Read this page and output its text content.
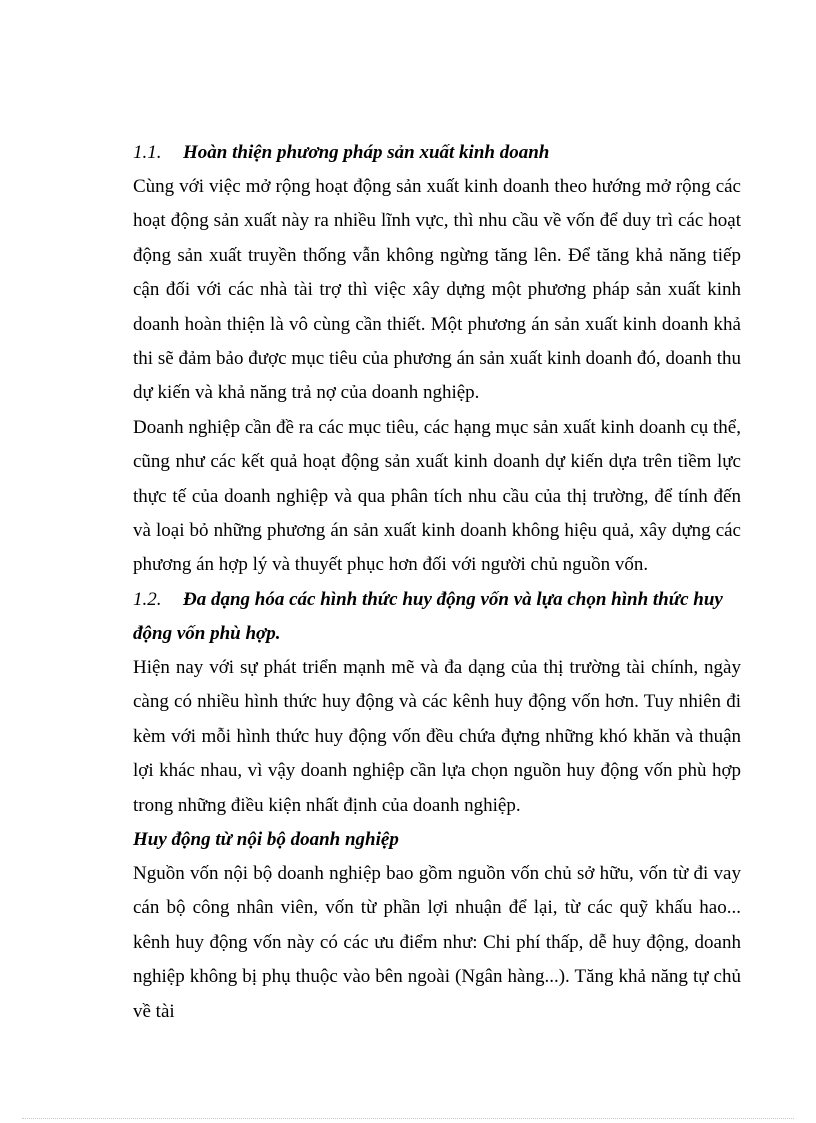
1.1. Hoàn thiện phương pháp sản xuất kinh doanh

Cùng với việc mở rộng hoạt động sản xuất kinh doanh theo hướng mở rộng các hoạt động sản xuất này ra nhiều lĩnh vực, thì nhu cầu về vốn để duy trì các hoạt động sản xuất truyền thống vẫn không ngừng tăng lên. Để tăng khả năng tiếp cận đối với các nhà tài trợ thì việc xây dựng một phương pháp sản xuất kinh doanh hoàn thiện là vô cùng cần thiết. Một phương án sản xuất kinh doanh khả thi sẽ đảm bảo được mục tiêu của phương án sản xuất kinh doanh đó, doanh thu dự kiến và khả năng trả nợ của doanh nghiệp.

Doanh nghiệp cần đề ra các mục tiêu, các hạng mục sản xuất kinh doanh cụ thể, cũng như các kết quả hoạt động sản xuất kinh doanh dự kiến dựa trên tiềm lực thực tế của doanh nghiệp và qua phân tích nhu cầu của thị trường, để tính đến và loại bỏ những phương án sản xuất kinh doanh không hiệu quả, xây dựng các phương án hợp lý và thuyết phục hơn đối với người chủ nguồn vốn.

1.2. Đa dạng hóa các hình thức huy động vốn và lựa chọn hình thức huy động vốn phù hợp.

Hiện nay với sự phát triển mạnh mẽ và đa dạng của thị trường tài chính, ngày càng có nhiều hình thức huy động và các kênh huy động vốn hơn. Tuy nhiên đi kèm với mỗi hình thức huy động vốn đều chứa đựng những khó khăn và thuận lợi khác nhau, vì vậy doanh nghiệp cần lựa chọn nguồn huy động vốn phù hợp trong những điều kiện nhất định của doanh nghiệp.

Huy động từ nội bộ doanh nghiệp

Nguồn vốn nội bộ doanh nghiệp bao gồm nguồn vốn chủ sở hữu, vốn từ đi vay cán bộ công nhân viên, vốn từ phần lợi nhuận để lại, từ các quỹ khấu hao... kênh huy động vốn này có các ưu điểm như: Chi phí thấp, dễ huy động, doanh nghiệp không bị phụ thuộc vào bên ngoài (Ngân hàng...). Tăng khả năng tự chủ về tài
